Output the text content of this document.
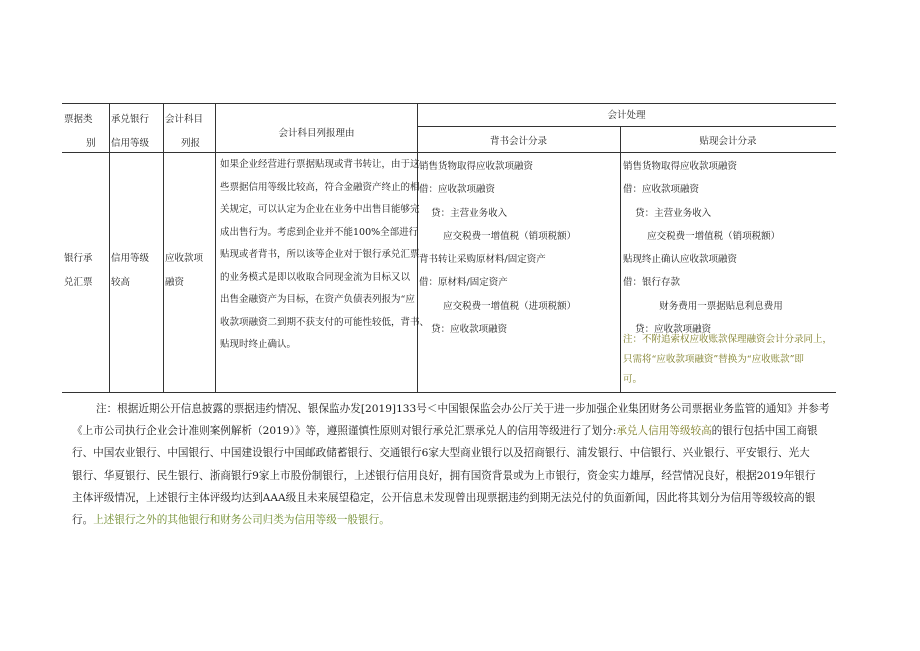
票据类
别
承兑银行
信用等级
会计科目
列报
会计科目列报理由
会计处理
背书会计分录	贴现会计分录
银行承
兑汇票
信用等级
较高
应收款项
融资
如果企业经营进行票据贴现或背书转让，由于这
些票据信用等级比较高，符合金融资产终止的相
关规定，可以认定为企业在业务中出售目能够完
成出售行为。考虑到企业并不能100%全部进行
贴现或者背书，所以该等企业对于银行承兑汇票
的业务模式是即以收取合同现金流为目标又以
出售金融资产为目标，在资产负债表列报为“应
收款项融资二到期不获支付的可能性较低，背书、
贴现时终止确认。
销售货物取得应收款项融资
借：应收款项融资
贷：主营业务收入
应交税费一增值税（销项税额）
背书转让采购原材料/固定资产
借：原材料/固定资产
应交税费一增值税（进项税额）
贷：应收款项融资
销售货物取得应收款项融资
借：应收款项融资
贷：主营业务收入
应交税费一增值税（销项税额）
贴现终止确认应收款项融资
借：银行存款
财务费用一票据贴息利息费用
贷：应收款项融资
注：不附追索权应收账款保理融资会计分录同上，
只需将“应收款项融资”替换为“应收账款”即
可。
注：根据近期公开信息披露的票据违约情况、银保监办发[2019]133号＜中国银保监会办公厅关于进一步加强企业集团财务公司票据业务监管的通知》并参考
《上市公司执行企业会计准则案例解析（2019）》等，遵照谨慎性原则对银行承兑汇票承兑人的信用等级进行了划分:承兑人信用等级较高的银行包括中国工商银
行、中国农业银行、中国银行、中国建设银行中国邮政储蓄银行、交通银行6家大型商业银行以及招商银行、浦发银行、中信银行、兴业银行、平安银行、光大
银行、华夏银行、民生银行、浙商银行9家上市股份制银行，上述银行信用良好，拥有国资背景或为上市银行，资金实力雄厚，经营情况良好，根据2019年银行
主体评级情况，上述银行主体评级均达到AAA级且未来展望稳定，公开信息未发现曾出现票据违约到期无法兑付的负面新闻，因此将其划分为信用等级较高的银
行。上述银行之外的其他银行和财务公司归类为信用等级一般银行。
